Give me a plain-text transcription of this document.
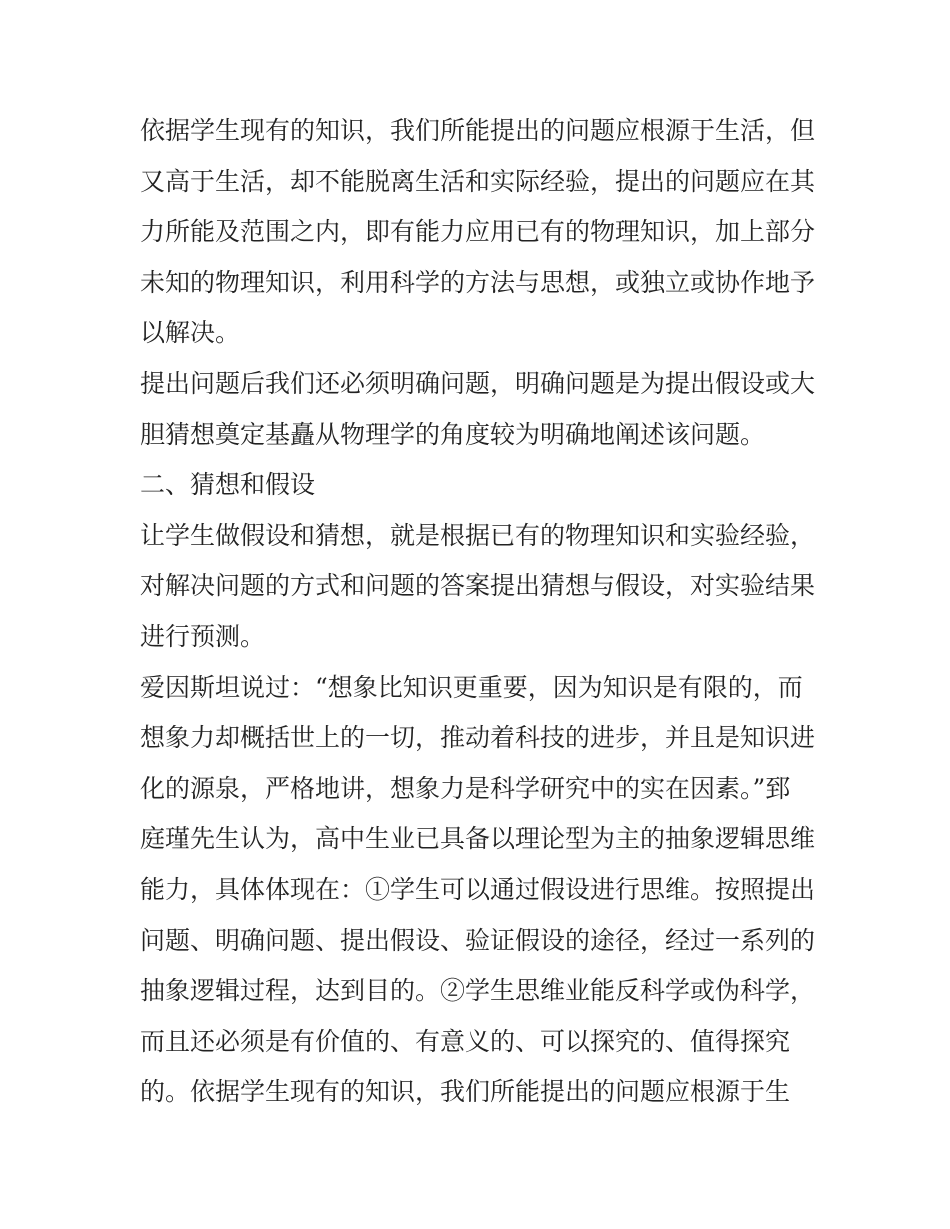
依据学生现有的知识，我们所能提出的问题应根源于生活，但
又高于生活，却不能脱离生活和实际经验，提出的问题应在其
力所能及范围之内，即有能力应用已有的物理知识，加上部分
未知的物理知识，利用科学的方法与思想，或独立或协作地予
以解决。
提出问题后我们还必须明确问题，明确问题是为提出假设或大
胆猜想奠定基矗从物理学的角度较为明确地阐述该问题。
二、猜想和假设
让学生做假设和猜想，就是根据已有的物理知识和实验经验，
对解决问题的方式和问题的答案提出猜想与假设，对实验结果
进行预测。
爱因斯坦说过：“想象比知识更重要，因为知识是有限的，而
想象力却概括世上的一切，推动着科技的进步，并且是知识进
化的源泉，严格地讲，想象力是科学研究中的实在因素。”郅
庭瑾先生认为，高中生业已具备以理论型为主的抽象逻辑思维
能力，具体体现在：①学生可以通过假设进行思维。按照提出
问题、明确问题、提出假设、验证假设的途径，经过一系列的
抽象逻辑过程，达到目的。②学生思维业能反科学或伪科学，
而且还必须是有价值的、有意义的、可以探究的、值得探究
的。依据学生现有的知识，我们所能提出的问题应根源于生
